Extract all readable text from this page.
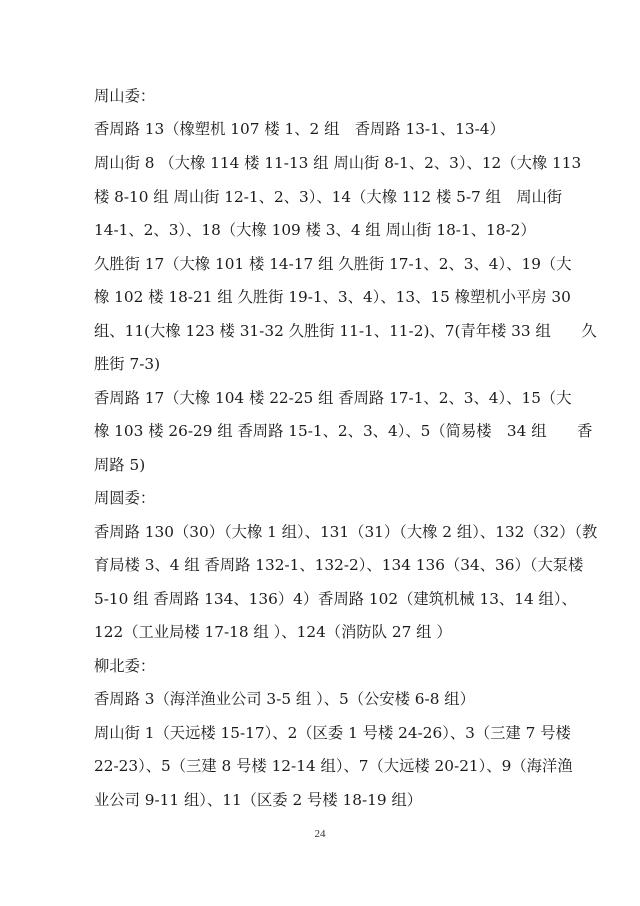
周山委：
香周路 13（橡塑机 107 楼 1、2 组　香周路 13-1、13-4）
周山街 8 （大橡 114 楼 11-13 组 周山街 8-1、2、3）、12（大橡 113
楼 8-10 组 周山街 12-1、2、3）、14（大橡 112 楼 5-7 组　周山街
14-1、2、3）、18（大橡 109 楼 3、4 组 周山街 18-1、18-2）
久胜街 17（大橡 101 楼 14-17 组 久胜街 17-1、2、3、4）、19（大
橡 102 楼 18-21 组 久胜街 19-1、3、4）、13、15 橡塑机小平房 30
组、11(大橡 123 楼 31-32 久胜街 11-1、11-2)、7(青年楼 33 组　　久
胜街 7-3)
香周路 17（大橡 104 楼 22-25 组 香周路 17-1、2、3、4）、15（大
橡 103 楼 26-29 组 香周路 15-1、2、3、4）、5（简易楼　34 组　　香
周路 5)
周圆委：
香周路 130（30）（大橡 1 组）、131（31）（大橡 2 组）、132（32）（教
育局楼 3、4 组 香周路 132-1、132-2）、134 136（34、36）（大泵楼
5-10 组 香周路 134、136）4）香周路 102（建筑机械 13、14 组）、
122（工业局楼 17-18 组 ）、124（消防队 27 组 ）
柳北委：
香周路 3（海洋渔业公司 3-5 组 ）、5（公安楼 6-8 组）
周山街 1（天远楼 15-17）、2（区委 1 号楼 24-26）、3（三建 7 号楼
22-23）、5（三建 8 号楼 12-14 组）、7（大远楼 20-21）、9（海洋渔
业公司 9-11 组）、11（区委 2 号楼 18-19 组）
24
